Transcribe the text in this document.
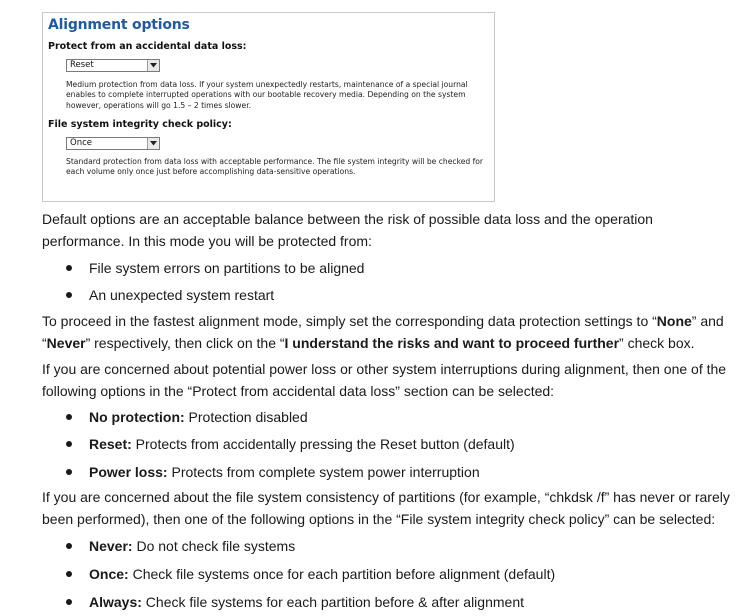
Alignment options
Protect from an accidental data loss:
Reset
Medium protection from data loss. If your system unexpectedly restarts, maintenance of a special journal enables to complete interrupted operations with our bootable recovery media. Depending on the system however, operations will go 1.5 – 2 times slower.
File system integrity check policy:
Once
Standard protection from data loss with acceptable performance. The file system integrity will be checked for each volume only once just before accomplishing data-sensitive operations.
Default options are an acceptable balance between the risk of possible data loss and the operation performance. In this mode you will be protected from:
File system errors on partitions to be aligned
An unexpected system restart
To proceed in the fastest alignment mode, simply set the corresponding data protection settings to “None” and “Never” respectively, then click on the “I understand the risks and want to proceed further” check box.
If you are concerned about potential power loss or other system interruptions during alignment, then one of the following options in the “Protect from accidental data loss” section can be selected:
No protection: Protection disabled
Reset: Protects from accidentally pressing the Reset button (default)
Power loss: Protects from complete system power interruption
If you are concerned about the file system consistency of partitions (for example, “chkdsk /f” has never or rarely been performed), then one of the following options in the “File system integrity check policy” can be selected:
Never: Do not check file systems
Once: Check file systems once for each partition before alignment (default)
Always: Check file systems for each partition before & after alignment
